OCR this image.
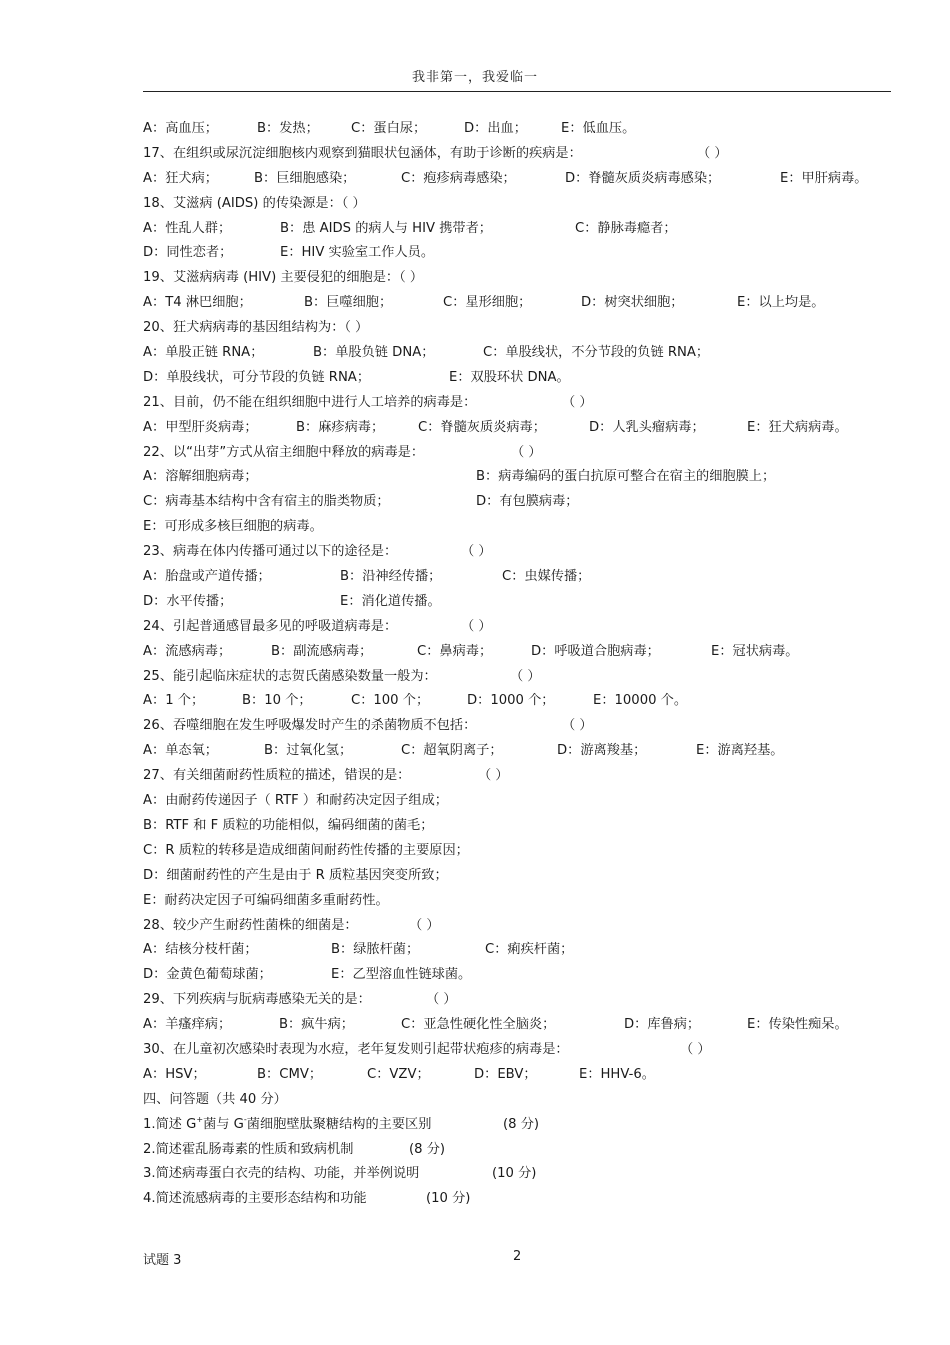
我非第一，我爱临一

A：高血压；

	B：发热；

C：蛋白尿；

	D：出血；

	E：低血压。

17、在组织或尿沉淀细胞核内观察到猫眼状包涵体，有助于诊断的疾病是：

	（ ）

A：狂犬病；

	B：巨细胞感染；

	C：疱疹病毒感染；

	D：脊髓灰质炎病毒感染；

	E：甲肝病毒。

18、艾滋病 (AIDS) 的传染源是：（ ）

A：性乱人群；

	B：患 AIDS 的病人与 HIV 携带者；

	C：静脉毒瘾者；

D：同性恋者；

	E：HIV 实验室工作人员。

19、艾滋病病毒 (HIV) 主要侵犯的细胞是：（ ）

A：T4 淋巴细胞；

	B：巨噬细胞；

	C：星形细胞；

	D：树突状细胞；

	E：以上均是。

20、狂犬病病毒的基因组结构为：（ ）

A：单股正链 RNA；

	B：单股负链 DNA；

	C：单股线状，不分节段的负链 RNA；

D：单股线状，可分节段的负链 RNA；

	E：双股环状 DNA。

21、目前，仍不能在组织细胞中进行人工培养的病毒是：

	（ ）

A：甲型肝炎病毒；

	B：麻疹病毒；

	C：脊髓灰质炎病毒；

	D：人乳头瘤病毒；

	E：狂犬病病毒。

22、以“出芽”方式从宿主细胞中释放的病毒是：

	（ ）

A：溶解细胞病毒；

	B：病毒编码的蛋白抗原可整合在宿主的细胞膜上；

C：病毒基本结构中含有宿主的脂类物质；

	D：有包膜病毒；

E：可形成多核巨细胞的病毒。

23、病毒在体内传播可通过以下的途径是：

	（ ）

A：胎盘或产道传播；

	B：沿神经传播；

	C：虫媒传播；

D：水平传播；

	E：消化道传播。

24、引起普通感冒最多见的呼吸道病毒是：

	（ ）

A：流感病毒；

	B：副流感病毒；

	C：鼻病毒；

	D：呼吸道合胞病毒；

	E：冠状病毒。

25、能引起临床症状的志贺氏菌感染数量一般为：

	（ ）

A：1 个；

	B：10 个；

	C：100 个；

	D：1000 个；

	E：10000 个。

26、吞噬细胞在发生呼吸爆发时产生的杀菌物质不包括：

	（ ）

A：单态氧；

	B：过氧化氢；

	C：超氧阴离子；

	D：游离羧基；

	E：游离羟基。

27、有关细菌耐药性质粒的描述，错误的是：

	（ ）

A：由耐药传递因子（ RTF ）和耐药决定因子组成；

B：RTF 和 F 质粒的功能相似，编码细菌的菌毛；

C：R 质粒的转移是造成细菌间耐药性传播的主要原因；

D：细菌耐药性的产生是由于 R 质粒基因突变所致；

E：耐药决定因子可编码细菌多重耐药性。

28、较少产生耐药性菌株的细菌是：

	（ ）

A：结核分枝杆菌；

	B：绿脓杆菌；

	C：痢疾杆菌；

D：金黄色葡萄球菌；

	E：乙型溶血性链球菌。

29、下列疾病与朊病毒感染无关的是：

	（ ）

A：羊瘙痒病；

	B：疯牛病；

	C：亚急性硬化性全脑炎；

	D：库鲁病；

	E：传染性痴呆。

30、在儿童初次感染时表现为水痘，老年复发则引起带状疱疹的病毒是：

	（ ）

A：HSV；

	B：CMV；

	C：VZV；

	D：EBV；

	E：HHV-6。

四、问答题（共 40 分）

1.简述 G+菌与 G-菌细胞壁肽聚糖结构的主要区别

	(8 分)

2.简述霍乱肠毒素的性质和致病机制

	(8 分)

3.简述病毒蛋白衣壳的结构、功能，并举例说明

	(10 分)

4.简述流感病毒的主要形态结构和功能

	(10 分)

试题 3	2
